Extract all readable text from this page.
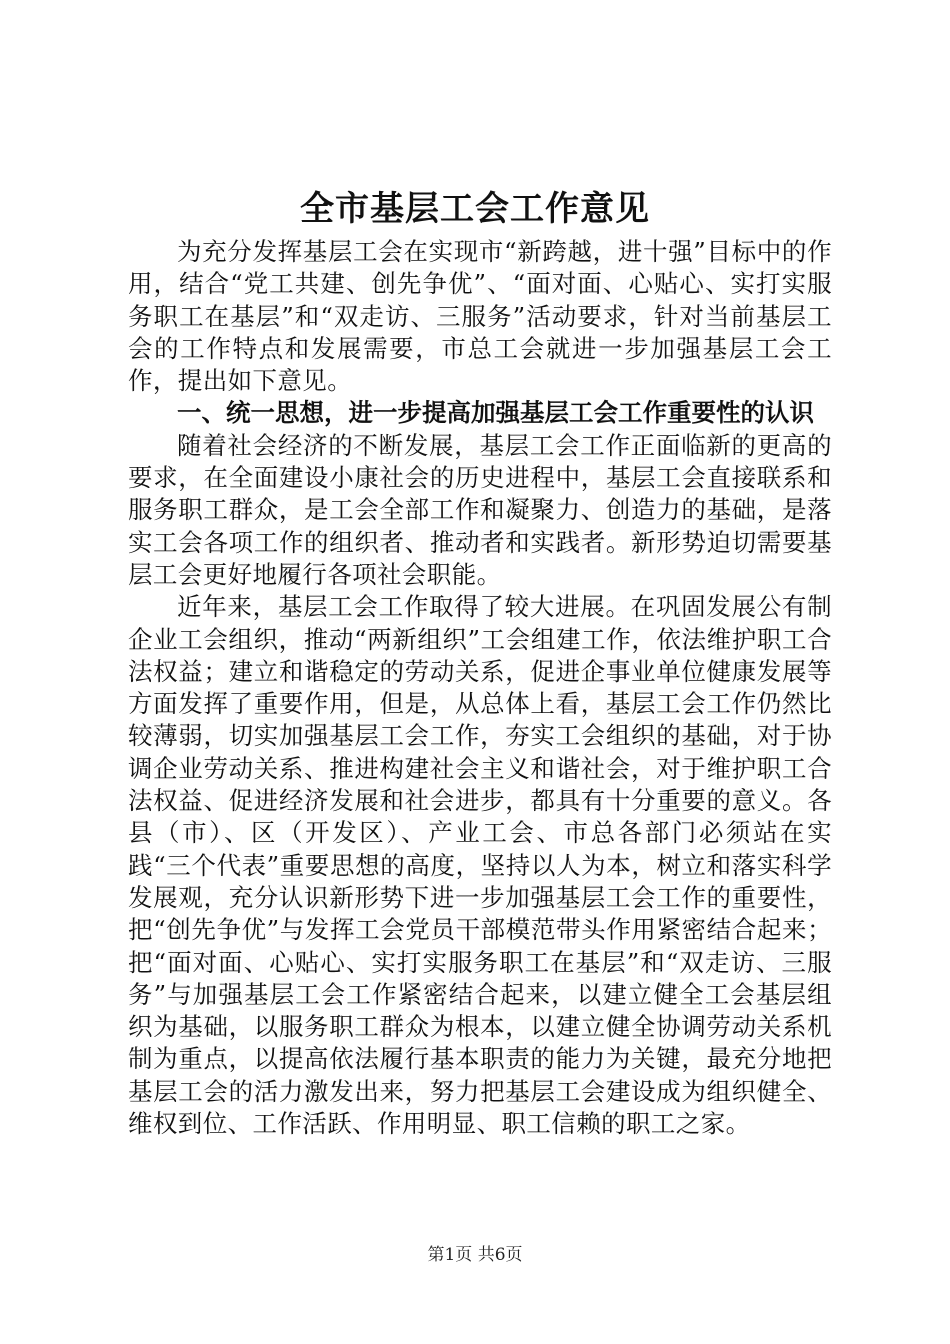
全市基层工会工作意见

为充分发挥基层工会在实现市“新跨越，进十强”目标中的作用，结合“党工共建、创先争优”、“面对面、心贴心、实打实服务职工在基层”和“双走访、三服务”活动要求，针对当前基层工会的工作特点和发展需要，市总工会就进一步加强基层工会工作，提出如下意见。

一、统一思想，进一步提高加强基层工会工作重要性的认识

随着社会经济的不断发展，基层工会工作正面临新的更高的要求，在全面建设小康社会的历史进程中，基层工会直接联系和服务职工群众，是工会全部工作和凝聚力、创造力的基础，是落实工会各项工作的组织者、推动者和实践者。新形势迫切需要基层工会更好地履行各项社会职能。

近年来，基层工会工作取得了较大进展。在巩固发展公有制企业工会组织，推动“两新组织”工会组建工作，依法维护职工合法权益；建立和谐稳定的劳动关系，促进企事业单位健康发展等方面发挥了重要作用，但是，从总体上看，基层工会工作仍然比较薄弱，切实加强基层工会工作，夯实工会组织的基础，对于协调企业劳动关系、推进构建社会主义和谐社会，对于维护职工合法权益、促进经济发展和社会进步，都具有十分重要的意义。各县（市）、区（开发区）、产业工会、市总各部门必须站在实践“三个代表”重要思想的高度，坚持以人为本，树立和落实科学发展观，充分认识新形势下进一步加强基层工会工作的重要性，把“创先争优”与发挥工会党员干部模范带头作用紧密结合起来；把“面对面、心贴心、实打实服务职工在基层”和“双走访、三服务”与加强基层工会工作紧密结合起来，以建立健全工会基层组织为基础，以服务职工群众为根本，以建立健全协调劳动关系机制为重点，以提高依法履行基本职责的能力为关键，最充分地把基层工会的活力激发出来，努力把基层工会建设成为组织健全、维权到位、工作活跃、作用明显、职工信赖的职工之家。

第1页 共6页
